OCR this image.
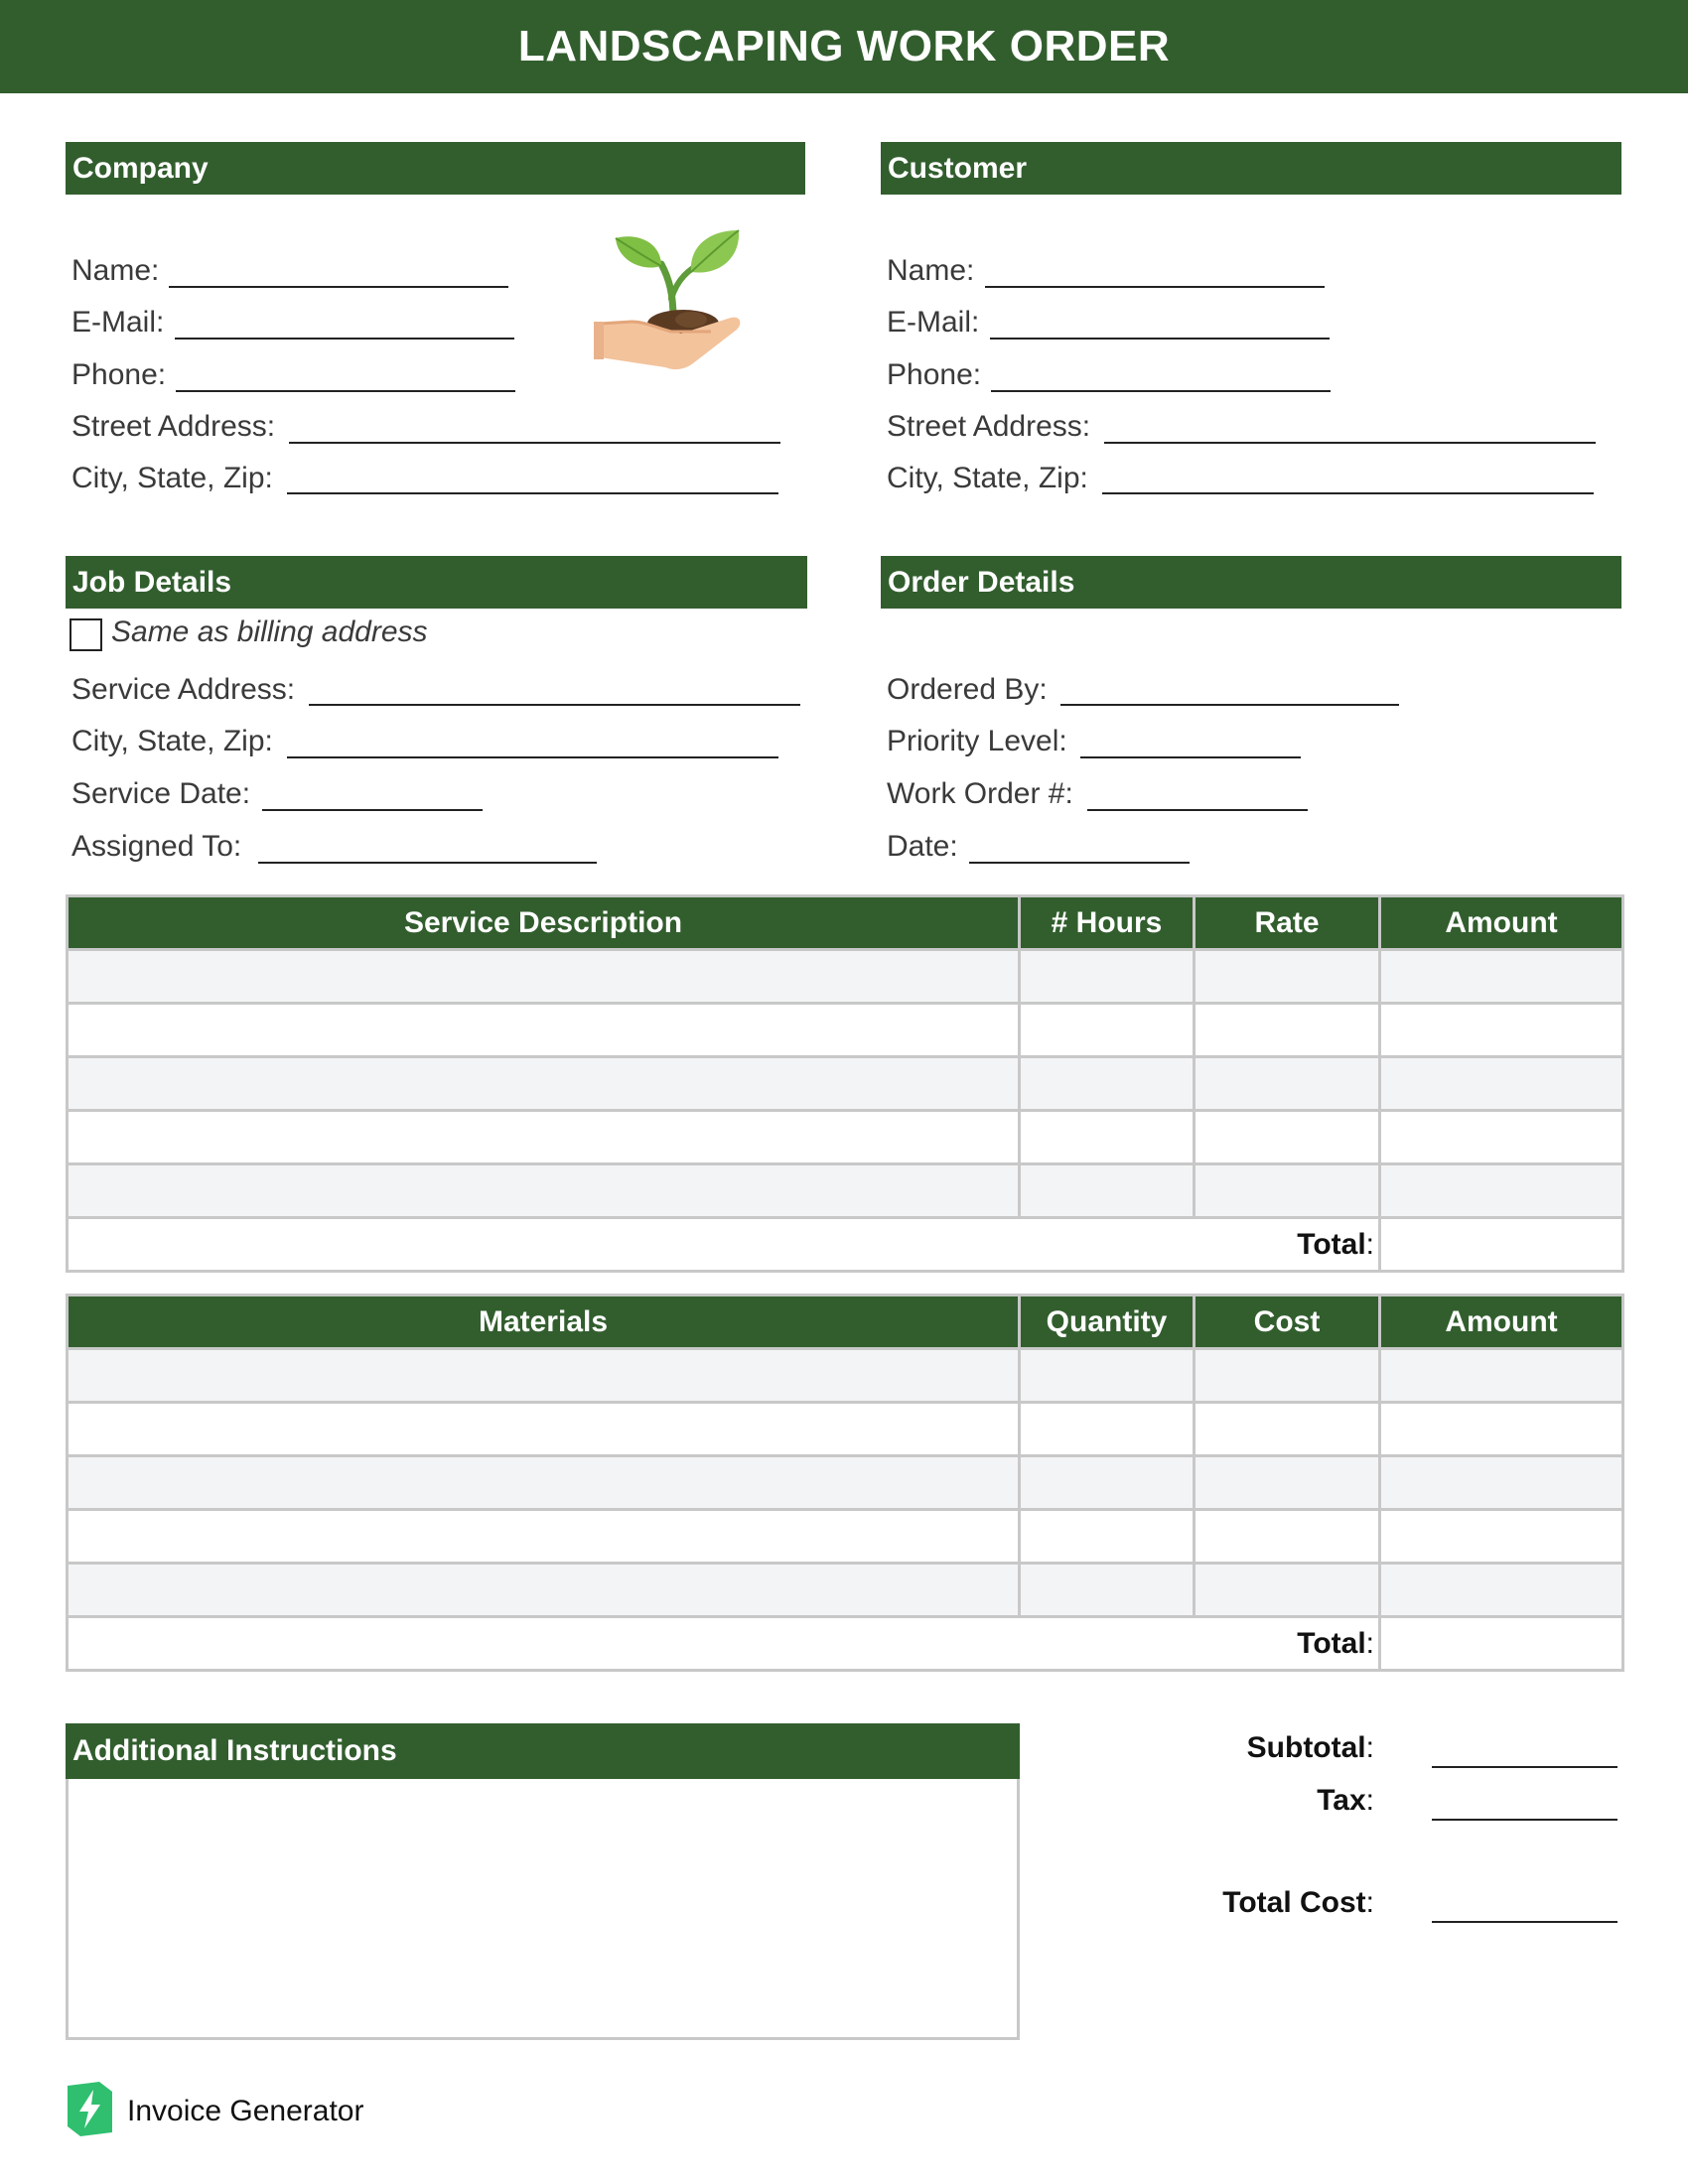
LANDSCAPING WORK ORDER
Company
Name:
E-Mail:
Phone:
Street Address:
City, State, Zip:
Customer
Name:
E-Mail:
Phone:
Street Address:
City, State, Zip:
Job Details
Same as billing address
Service Address:
City, State, Zip:
Service Date:
Assigned To:
Order Details
Ordered By:
Priority Level:
Work Order #:
Date:
Service Description	# Hours	Rate	Amount

Total:			
Materials	Quantity	Cost	Amount

Total:			
Additional Instructions	Subtotal:
Tax:
Total Cost:
Invoice Generator
